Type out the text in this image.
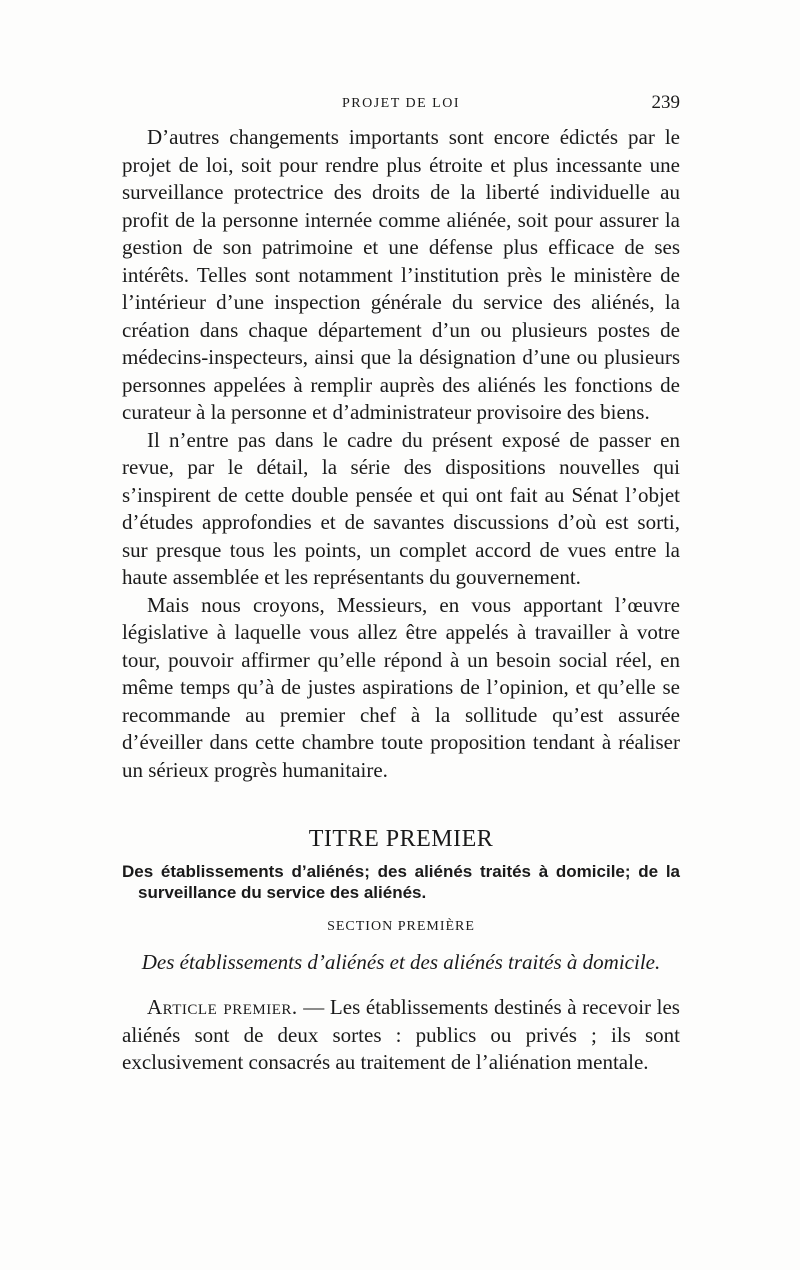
PROJET DE LOI	239

D’autres changements importants sont encore édictés par le projet de loi, soit pour rendre plus étroite et plus incessante une surveillance protectrice des droits de la liberté individuelle au profit de la personne internée comme aliénée, soit pour assurer la gestion de son patrimoine et une défense plus efficace de ses intérêts. Telles sont notamment l’institution près le ministère de l’intérieur d’une inspection générale du service des aliénés, la création dans chaque département d’un ou plusieurs postes de médecins-inspecteurs, ainsi que la désignation d’une ou plusieurs personnes appelées à remplir auprès des aliénés les fonctions de curateur à la personne et d’administrateur provisoire des biens.

Il n’entre pas dans le cadre du présent exposé de passer en revue, par le détail, la série des dispositions nouvelles qui s’inspirent de cette double pensée et qui ont fait au Sénat l’objet d’études approfondies et de savantes discussions d’où est sorti, sur presque tous les points, un complet accord de vues entre la haute assemblée et les représentants du gouvernement.

Mais nous croyons, Messieurs, en vous apportant l’œuvre législative à laquelle vous allez être appelés à travailler à votre tour, pouvoir affirmer qu’elle répond à un besoin social réel, en même temps qu’à de justes aspirations de l’opinion, et qu’elle se recommande au premier chef à la sollitude qu’est assurée d’éveiller dans cette chambre toute proposition tendant à réaliser un sérieux progrès humanitaire.

TITRE PREMIER

Des établissements d’aliénés; des aliénés traités à domicile; de la surveillance du service des aliénés.

SECTION PREMIÈRE

Des établissements d’aliénés et des aliénés traités à domicile.

Article premier. — Les établissements destinés à recevoir les aliénés sont de deux sortes : publics ou privés ; ils sont exclusivement consacrés au traitement de l’aliénation mentale.
